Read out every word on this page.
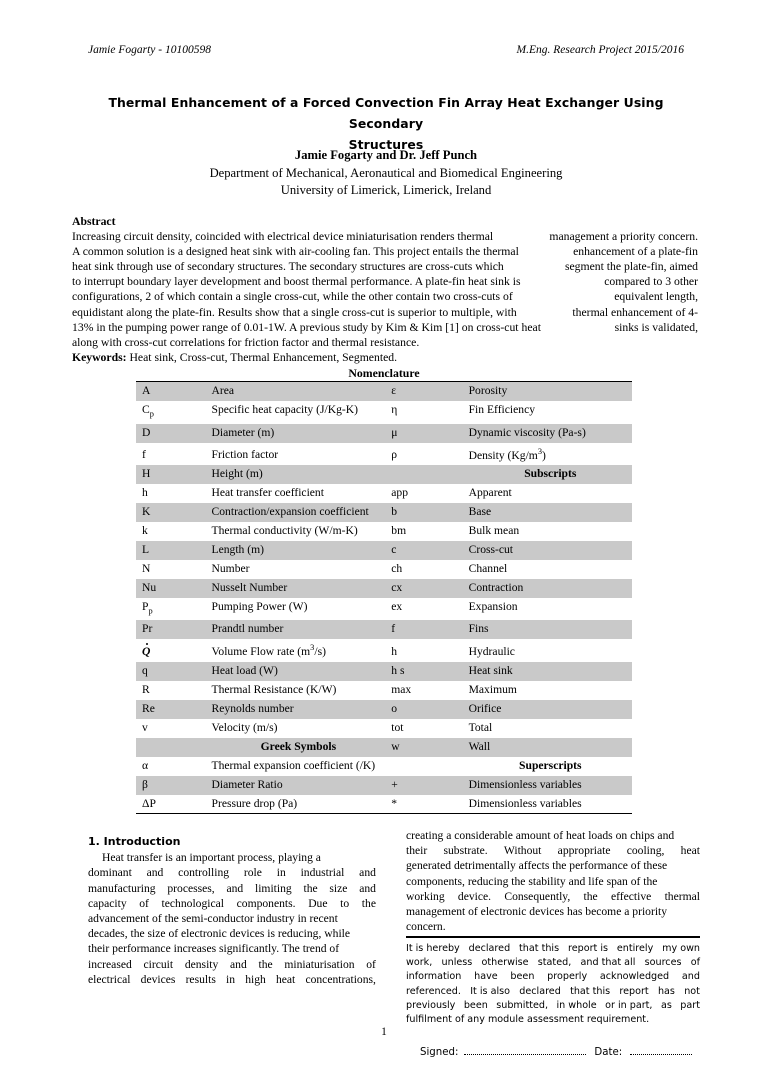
Jamie Fogarty - 10100598	M.Eng. Research Project 2015/2016
Thermal Enhancement of a Forced Convection Fin Array Heat Exchanger Using Secondary
Structures
Jamie Fogarty and Dr. Jeff Punch
Department of Mechanical, Aeronautical and Biomedical Engineering
University of Limerick, Limerick, Ireland
Abstract
Increasing circuit density, coincided with electrical device miniaturisation renders thermal	management a priority concern.
A common solution is a designed heat sink with air-cooling fan. This project entails the thermal	enhancement of a plate-fin
heat sink through use of secondary structures. The secondary structures are cross-cuts which	segment the plate-fin, aimed
to interrupt boundary layer development and boost thermal performance. A plate-fin heat sink is	compared to 3 other
configurations, 2 of which contain a single cross-cut, while the other contain two cross-cuts of	equivalent length,
equidistant along the plate-fin. Results show that a single cross-cut is superior to multiple, with	thermal enhancement of 4-
13% in the pumping power range of 0.01-1W. A previous study by Kim & Kim [1] on cross-cut heat	sinks is validated,
along with cross-cut correlations for friction factor and thermal resistance.
Keywords: Heat sink, Cross-cut, Thermal Enhancement, Segmented.
Nomenclature
A	Area	ε	Porosity
$C_p$	Specific heat capacity (J/Kg-K)	η	Fin Efficiency
D	Diameter (m)	μ	Dynamic viscosity (Pa-s)
f	Friction factor	ρ	Density $(Kg/m^3)$
H	Height (m)		Subscripts
h	Heat transfer coefficient	app	Apparent
K	Contraction/expansion coefficient	b	Base
k	Thermal conductivity (W/m-K)	bm	Bulk mean
L	Length (m)	c	Cross-cut
N	Number	ch	Channel
Nu	Nusselt Number	cx	Contraction
$P_p$	Pumping Power (W)	ex	Expansion
Pr	Prandtl number	f	Fins
Q	Volume Flow rate $(m^3/s)$	h	Hydraulic
q	Heat load (W)	h s	Heat sink
R	Thermal Resistance (K/W)	max	Maximum
Re	Reynolds number	o	Orifice
v	Velocity (m/s)	tot	Total
	Greek Symbols	w	Wall
α	Thermal expansion coefficient (/K)		Superscripts
β	Diameter Ratio	+	Dimensionless variables
ΔP	Pressure drop (Pa)	*	Dimensionless variables
1. Introduction
Heat transfer is an important process, playing a
dominant and controlling role in industrial and
manufacturing processes, and limiting the size and
capacity of technological components. Due to the
advancement of the semi-conductor industry in recent
decades, the size of electronic devices is reducing, while
their performance increases significantly. The trend of
increased circuit density and the miniaturisation of
electrical devices results in high heat concentrations,
creating a considerable amount of heat loads on chips and
their substrate. Without appropriate cooling, heat
generated detrimentally affects the performance of these
components, reducing the stability and life span of the
working device. Consequently, the effective thermal
management of electronic devices has become a priority
concern.
It is hereby declared that this report is entirely my own
work, unless otherwise stated, and that all sources of
information have been properly acknowledged and
referenced. It is also declared that this report has not
previously been submitted, in whole or in part, as part
fulfilment of any module assessment requirement.
Signed:	Date:
1
